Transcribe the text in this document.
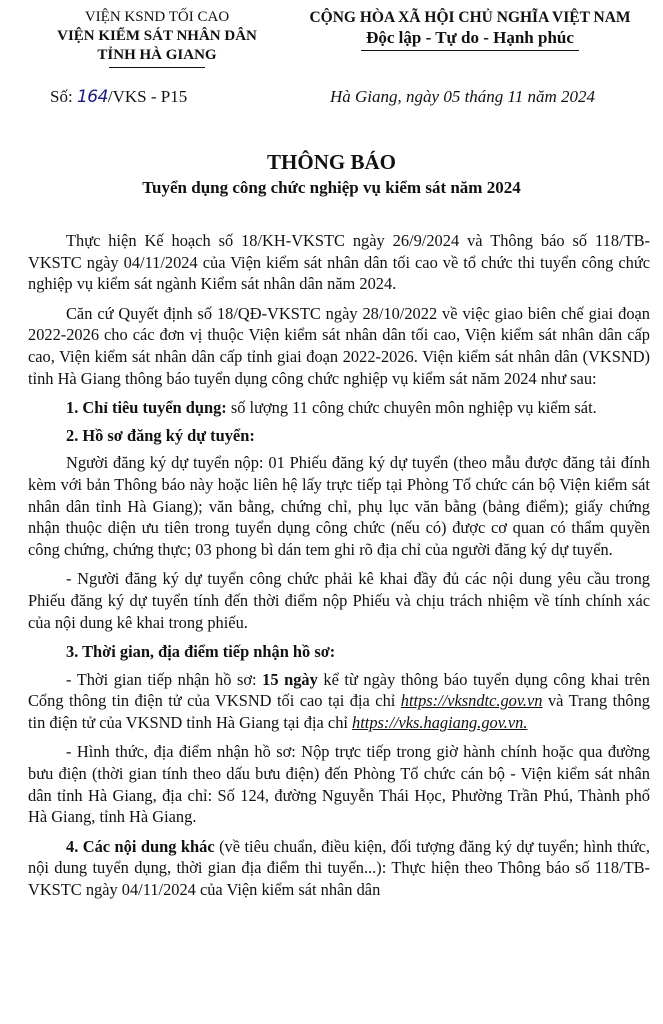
VIỆN KSND TỐI CAO
VIỆN KIỂM SÁT NHÂN DÂN
TỈNH HÀ GIANG
CỘNG HÒA XÃ HỘI CHỦ NGHĨA VIỆT NAM
Độc lập - Tự do - Hạnh phúc
Số: 164/VKS - P15	Hà Giang, ngày 05 tháng 11 năm 2024
THÔNG BÁO
Tuyển dụng công chức nghiệp vụ kiểm sát năm 2024

Thực hiện Kế hoạch số 18/KH-VKSTC ngày 26/9/2024 và Thông báo số 118/TB-VKSTC ngày 04/11/2024 của Viện kiểm sát nhân dân tối cao về tổ chức thi tuyển công chức nghiệp vụ kiểm sát ngành Kiểm sát nhân dân năm 2024.

Căn cứ Quyết định số 18/QĐ-VKSTC ngày 28/10/2022 về việc giao biên chế giai đoạn 2022-2026 cho các đơn vị thuộc Viện kiểm sát nhân dân tối cao, Viện kiểm sát nhân dân cấp cao, Viện kiểm sát nhân dân cấp tỉnh giai đoạn 2022-2026. Viện kiểm sát nhân dân (VKSND) tỉnh Hà Giang thông báo tuyển dụng công chức nghiệp vụ kiểm sát năm 2024 như sau:

1. Chỉ tiêu tuyển dụng: số lượng 11 công chức chuyên môn nghiệp vụ kiểm sát.

2. Hồ sơ đăng ký dự tuyển:

Người đăng ký dự tuyển nộp: 01 Phiếu đăng ký dự tuyển (theo mẫu được đăng tải đính kèm với bản Thông báo này hoặc liên hệ lấy trực tiếp tại Phòng Tổ chức cán bộ Viện kiểm sát nhân dân tỉnh Hà Giang); văn bằng, chứng chỉ, phụ lục văn bằng (bảng điểm); giấy chứng nhận thuộc diện ưu tiên trong tuyển dụng công chức (nếu có) được cơ quan có thẩm quyền công chứng, chứng thực; 03 phong bì dán tem ghi rõ địa chỉ của người đăng ký dự tuyển.

- Người đăng ký dự tuyển công chức phải kê khai đầy đủ các nội dung yêu cầu trong Phiếu đăng ký dự tuyển tính đến thời điểm nộp Phiếu và chịu trách nhiệm về tính chính xác của nội dung kê khai trong phiếu.

3. Thời gian, địa điểm tiếp nhận hồ sơ:

- Thời gian tiếp nhận hồ sơ: 15 ngày kể từ ngày thông báo tuyển dụng công khai trên Cổng thông tin điện tử của VKSND tối cao tại địa chỉ https://vksndtc.gov.vn và Trang thông tin điện tử của VKSND tỉnh Hà Giang tại địa chỉ https://vks.hagiang.gov.vn.

- Hình thức, địa điểm nhận hồ sơ: Nộp trực tiếp trong giờ hành chính hoặc qua đường bưu điện (thời gian tính theo dấu bưu điện) đến Phòng Tổ chức cán bộ - Viện kiểm sát nhân dân tỉnh Hà Giang, địa chỉ: Số 124, đường Nguyễn Thái Học, Phường Trần Phú, Thành phố Hà Giang, tỉnh Hà Giang.

4. Các nội dung khác (về tiêu chuẩn, điều kiện, đối tượng đăng ký dự tuyển; hình thức, nội dung tuyển dụng, thời gian địa điểm thi tuyển...): Thực hiện theo Thông báo số 118/TB-VKSTC ngày 04/11/2024 của Viện kiểm sát nhân dân
